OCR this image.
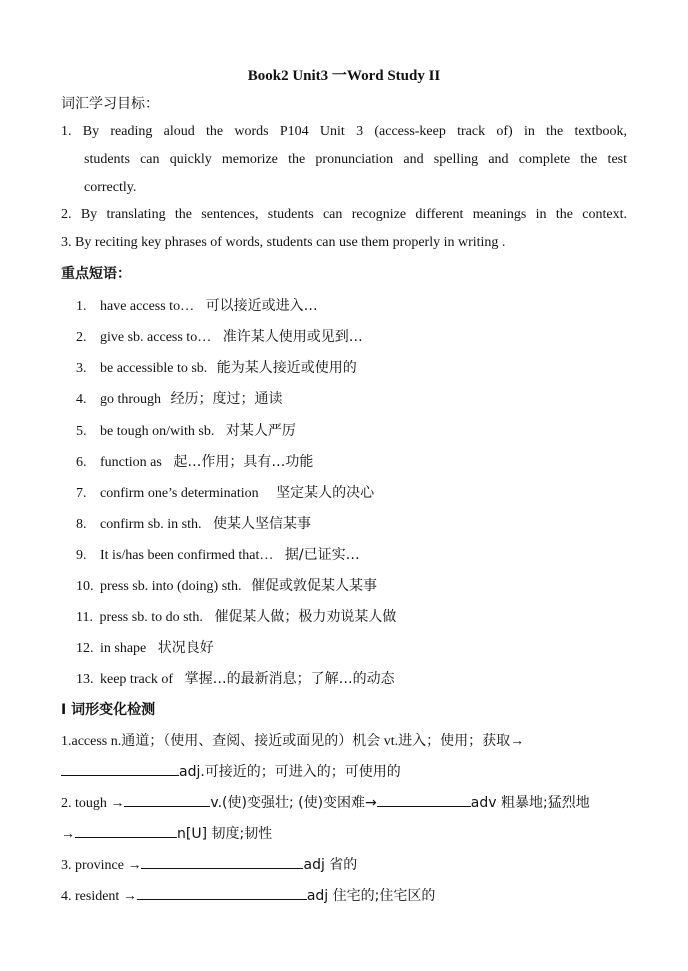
Book2 Unit3 一Word Study II
词汇学习目标：
1. By reading aloud the words P104 Unit 3 (access-keep track of) in the textbook,
students can quickly memorize the pronunciation and spelling and complete the test
correctly.
2. By translating the sentences, students can recognize different meanings in the context.
3. By reciting key phrases of words, students can use them properly in writing .
重点短语：
1. have access to… 可以接近或进入…
2. give sb. access to… 准许某人使用或见到…
3. be accessible to sb. 能为某人接近或使用的
4. go through 经历；度过；通读
5. be tough on/with sb. 对某人严厉
6. function as 起…作用；具有…功能
7. confirm one’s determination 坚定某人的决心
8. confirm sb. in sth. 使某人坚信某事
9. It is/has been confirmed that… 据/已证实…
10. press sb. into (doing) sth. 催促或敦促某人某事
11. press sb. to do sth. 催促某人做；极力劝说某人做
12. in shape 状况良好
13. keep track of 掌握…的最新消息；了解…的动态
I 词形变化检测
1.access n.通道；（使用、查阅、接近或面见的）机会 vt.进入；使用；获取→
adj.可接近的；可进入的；可使用的
2. tough →	v.(使)变强壮; (使)变困难→	adv 粗暴地;猛烈地
→	n[U] 韧度;韧性
3. province →	adj 省的
4. resident →	adj 住宅的;住宅区的
